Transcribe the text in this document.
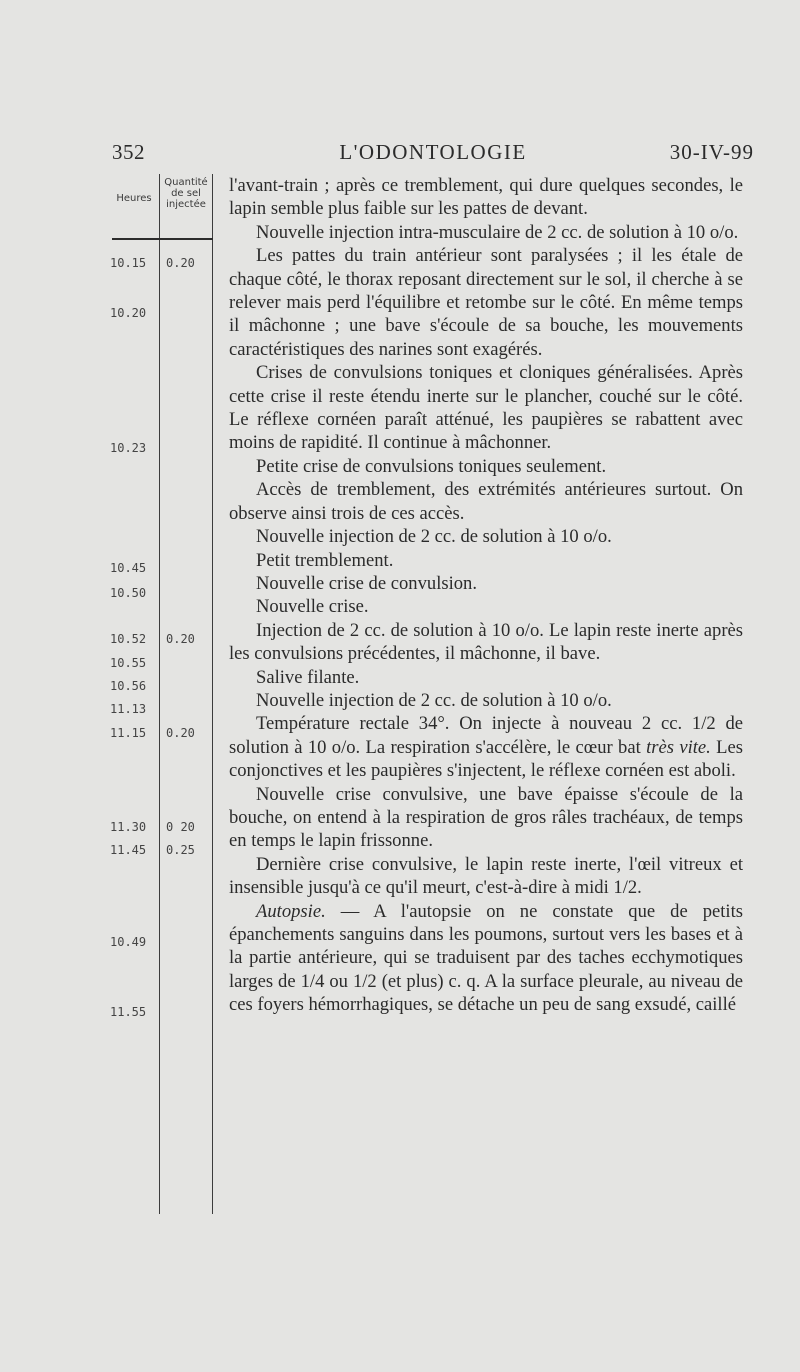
352	L'ODONTOLOGIE	30-IV-99
Heures
Quantité de sel injectée
10.15	0.20
10.20
10.23
10.45
10.50
10.52	0.20
10.55
10.56
11.13
11.15	0.20
11.30	0 20
11.45	0.25
10.49
11.55

l'avant-train ; après ce tremblement, qui dure quelques secondes, le lapin semble plus faible sur les pattes de devant.

Nouvelle injection intra-musculaire de 2 cc. de solution à 10 o/o.

Les pattes du train antérieur sont paralysées ; il les étale de chaque côté, le thorax reposant directement sur le sol, il cherche à se relever mais perd l'équilibre et retombe sur le côté. En même temps il mâchonne ; une bave s'écoule de sa bouche, les mouvements caractéristiques des narines sont exagérés.

Crises de convulsions toniques et cloniques généralisées. Après cette crise il reste étendu inerte sur le plancher, couché sur le côté. Le réflexe cornéen paraît atténué, les paupières se rabattent avec moins de rapidité. Il continue à mâchonner.

Petite crise de convulsions toniques seulement.

Accès de tremblement, des extrémités antérieures surtout. On observe ainsi trois de ces accès.

Nouvelle injection de 2 cc. de solution à 10 o/o.

Petit tremblement.

Nouvelle crise de convulsion.

Nouvelle crise.

Injection de 2 cc. de solution à 10 o/o. Le lapin reste inerte après les convulsions précédentes, il mâchonne, il bave.

Salive filante.

Nouvelle injection de 2 cc. de solution à 10 o/o.

Température rectale 34°. On injecte à nouveau 2 cc. 1/2 de solution à 10 o/o. La respiration s'accélère, le cœur bat très vite. Les conjonctives et les paupières s'injectent, le réflexe cornéen est aboli.

Nouvelle crise convulsive, une bave épaisse s'écoule de la bouche, on entend à la respiration de gros râles trachéaux, de temps en temps le lapin frissonne.

Dernière crise convulsive, le lapin reste inerte, l'œil vitreux et insensible jusqu'à ce qu'il meurt, c'est-à-dire à midi 1/2.

Autopsie. — A l'autopsie on ne constate que de petits épanchements sanguins dans les poumons, surtout vers les bases et à la partie antérieure, qui se traduisent par des taches ecchymotiques larges de 1/4 ou 1/2 (et plus) c. q. A la surface pleurale, au niveau de ces foyers hémorrhagiques, se détache un peu de sang exsudé, caillé
